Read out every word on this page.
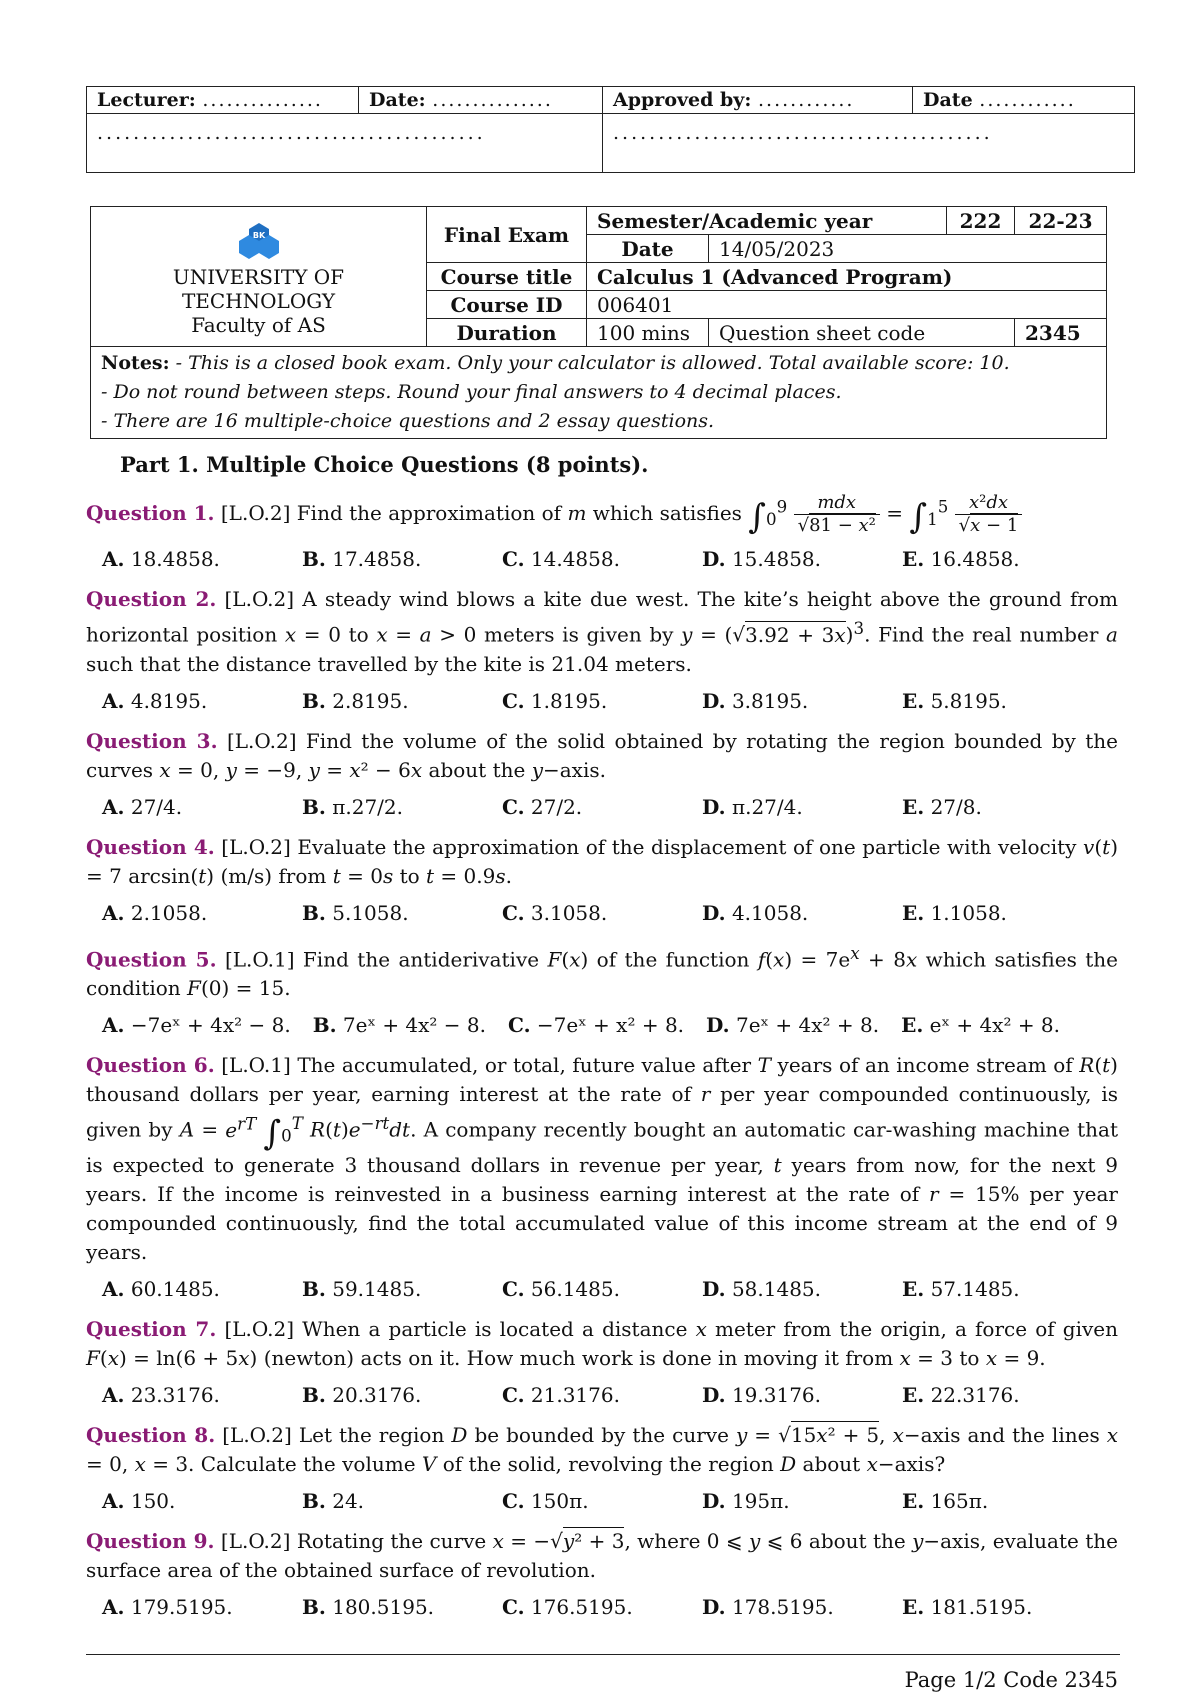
Lecturer: ...............	Date: ...............	Approved by: ............	Date ............
...........................................		..........................................	
BK
UNIVERSITY OF
TECHNOLOGY
Faculty of AS	Final Exam	Semester/Academic year		222	22-23
		Date	14/05/2023		
	Course title	Calculus 1 (Advanced Program)			
	Course ID	006401			
	Duration	100 mins	Question sheet code		2345
Notes: - This is a closed book exam. Only your calculator is allowed. Total available score: 10.
- Do not round between steps. Round your final answers to 4 decimal places.
- There are 16 multiple-choice questions and 2 essay questions.					
Part 1. Multiple Choice Questions (8 points).
Question 1. [L.O.2] Find the approximation of m which satisfies $\int_0^9 \frac{\text{mdx}}{\text{√81 − x²}} = \int_1^5 \frac{\text{x²dx}}{√x - 1}$
A. 18.4858.	B. 17.4858.	C. 14.4858.	D. 15.4858.	E. 16.4858.
Question 2. [L.O.2] A steady wind blows a kite due west. The kite’s height above the ground from horizontal position x = 0 to x = a > 0 meters is given by $y = (√3.92 + 3x)^3$. Find the real number a such that the distance travelled by the kite is 21.04 meters.
A. 4.8195.	B. 2.8195.	C. 1.8195.	D. 3.8195.	E. 5.8195.
Question 3. [L.O.2] Find the volume of the solid obtained by rotating the region bounded by the curves x = 0, y = −9, y = x² − 6x about the y−axis.
A. 27/4.	B. π.27/2.	C. 27/2.	D. π.27/4.	E. 27/8.
Question 4. [L.O.2] Evaluate the approximation of the displacement of one particle with velocity v(t) = 7 arcsin(t) (m/s) from t = 0s to t = 0.9s.
A. 2.1058.	B. 5.1058.	C. 3.1058.	D. 4.1058.	E. 1.1058.
Question 5. [L.O.1] Find the antiderivative F(x) of the function $f(x) = 7e^x + 8x$ which satisfies the condition F(0) = 15.
A. −7eˣ + 4x² − 8. B. 7eˣ + 4x² − 8. C. −7eˣ + x² + 8. D. 7eˣ + 4x² + 8. E. eˣ + 4x² + 8.
Question 6. [L.O.1] The accumulated, or total, future value after T years of an income stream of R(t) thousand dollars per year, earning interest at the rate of r per year compounded continuously, is given by $A = e^{rT}$ $\int_0^T$ $R(t)e^{-rt}dt$. A company recently bought an automatic car-washing machine that is expected to generate 3 thousand dollars in revenue per year, t years from now, for the next 9 years. If the income is reinvested in a business earning interest at the rate of r = 15% per year compounded continuously, find the total accumulated value of this income stream at the end of 9 years.
A. 60.1485.	B. 59.1485.	C. 56.1485.	D. 58.1485.	E. 57.1485.
Question 7. [L.O.2] When a particle is located a distance x meter from the origin, a force of given F(x) = ln(6 + 5x) (newton) acts on it. How much work is done in moving it from x = 3 to x = 9.
A. 23.3176.	B. 20.3176.	C. 21.3176.	D. 19.3176.	E. 22.3176.
Question 8. [L.O.2] Let the region D be bounded by the curve y = √15x² + 5, x−axis and the lines x = 0, x = 3. Calculate the volume V of the solid, revolving the region D about x−axis?
A. 150.	B. 24.	C. 150π.	D. 195π.	E. 165π.
Question 9. [L.O.2] Rotating the curve x = −√y² + 3, where 0 ⩽ y ⩽ 6 about the y−axis, evaluate the surface area of the obtained surface of revolution.
A. 179.5195.	B. 180.5195.	C. 176.5195.	D. 178.5195.	E. 181.5195.
Page 1/2 Code 2345
